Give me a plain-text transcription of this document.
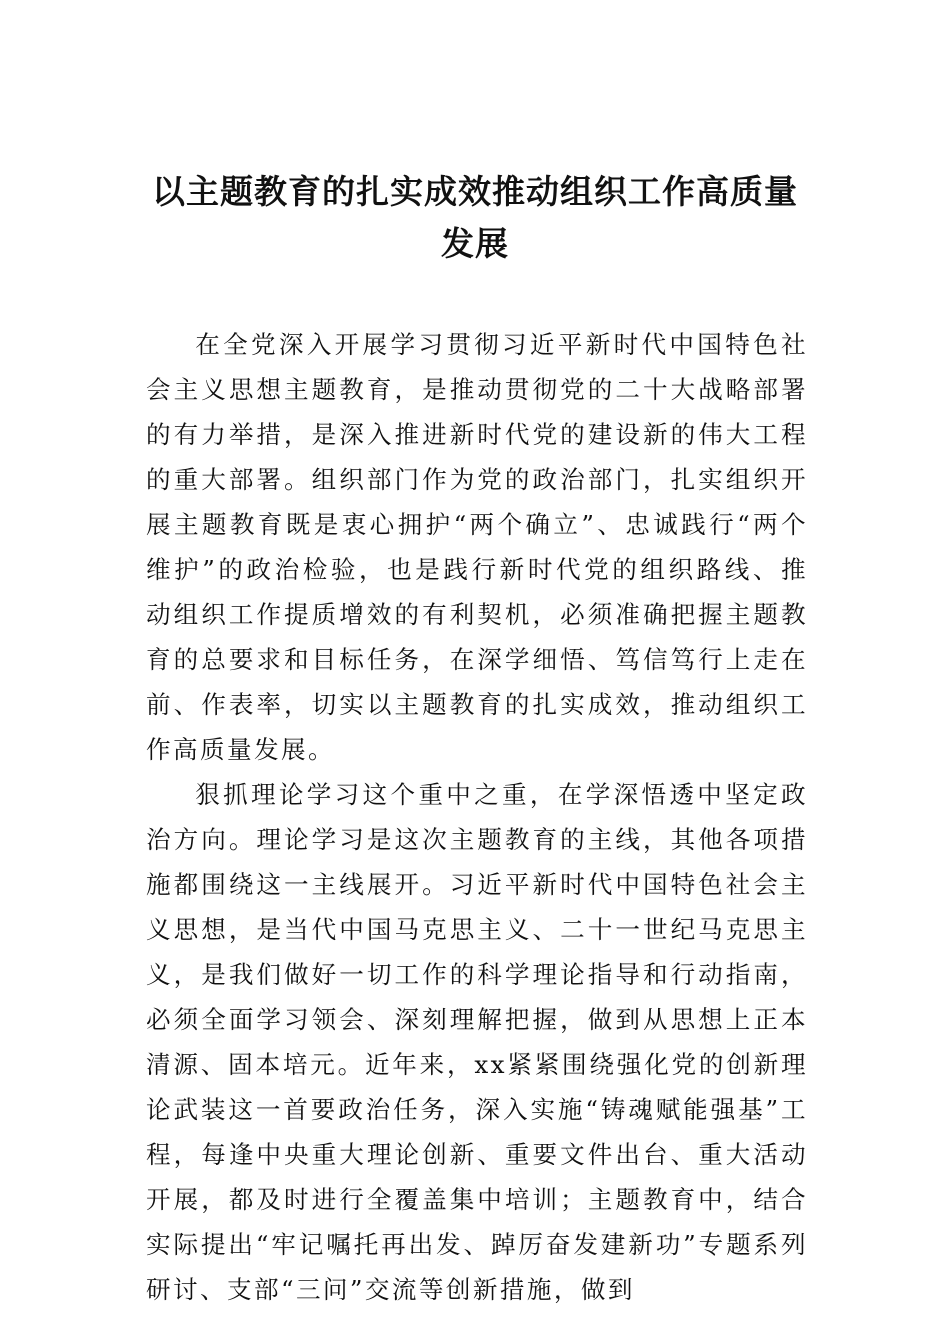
以主题教育的扎实成效推动组织工作高质量发展

在全党深入开展学习贯彻习近平新时代中国特色社会主义思想主题教育，是推动贯彻党的二十大战略部署的有力举措，是深入推进新时代党的建设新的伟大工程的重大部署。组织部门作为党的政治部门，扎实组织开展主题教育既是衷心拥护“两个确立”、忠诚践行“两个维护”的政治检验，也是践行新时代党的组织路线、推动组织工作提质增效的有利契机，必须准确把握主题教育的总要求和目标任务，在深学细悟、笃信笃行上走在前、作表率，切实以主题教育的扎实成效，推动组织工作高质量发展。

狠抓理论学习这个重中之重，在学深悟透中坚定政治方向。理论学习是这次主题教育的主线，其他各项措施都围绕这一主线展开。习近平新时代中国特色社会主义思想，是当代中国马克思主义、二十一世纪马克思主义，是我们做好一切工作的科学理论指导和行动指南，必须全面学习领会、深刻理解把握，做到从思想上正本清源、固本培元。近年来，xx紧紧围绕强化党的创新理论武装这一首要政治任务，深入实施“铸魂赋能强基”工程，每逢中央重大理论创新、重要文件出台、重大活动开展，都及时进行全覆盖集中培训；主题教育中，结合实际提出“牢记嘱托再出发、踔厉奋发建新功”专题系列研讨、支部“三问”交流等创新措施，做到
